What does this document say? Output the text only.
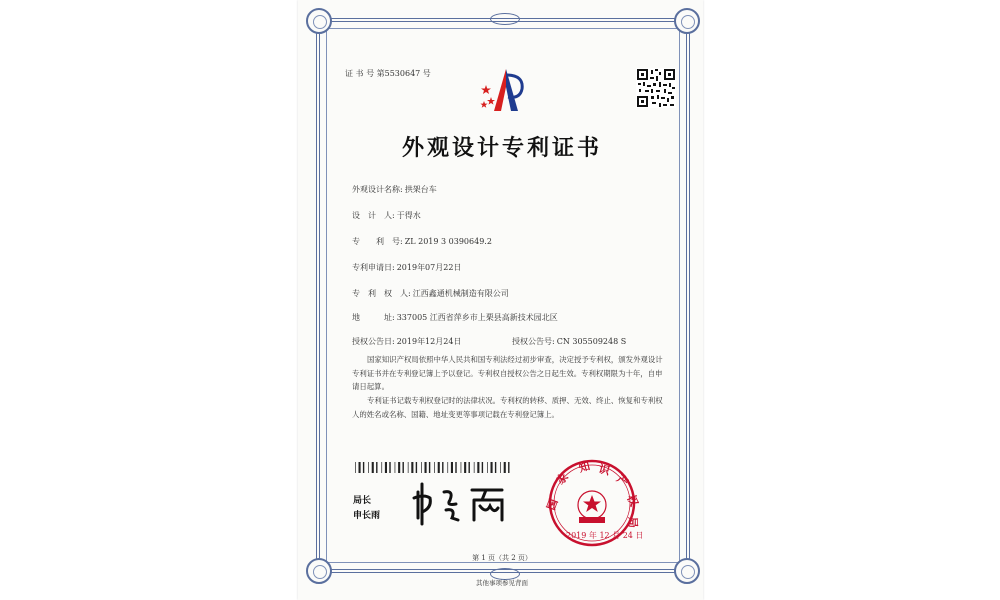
证 书 号 第5530647 号
外观设计专利证书
外观设计名称: 拱架台车
设　计　人: 于得水
专　　利　号: ZL 2019 3 0390649.2
专利申请日: 2019年07月22日
专　利　权　人: 江西鑫通机械制造有限公司
地　　　址: 337005 江西省萍乡市上栗县高新技术园北区
授权公告日: 2019年12月24日	授权公告号: CN 305509248 S
国家知识产权局依照中华人民共和国专利法经过初步审查，决定授予专利权，颁发外观设计专利证书并在专利登记簿上予以登记。专利权自授权公告之日起生效。专利权期限为十年，自申请日起算。
专利证书记载专利权登记时的法律状况。专利权的转移、质押、无效、终止、恢复和专利权人的姓名或名称、国籍、地址变更等事项记载在专利登记簿上。
局长
申长雨
国
家
知 识
产
权
局
2019 年 12 月 24 日
第 1 页（共 2 页）
其他事项参见背面
